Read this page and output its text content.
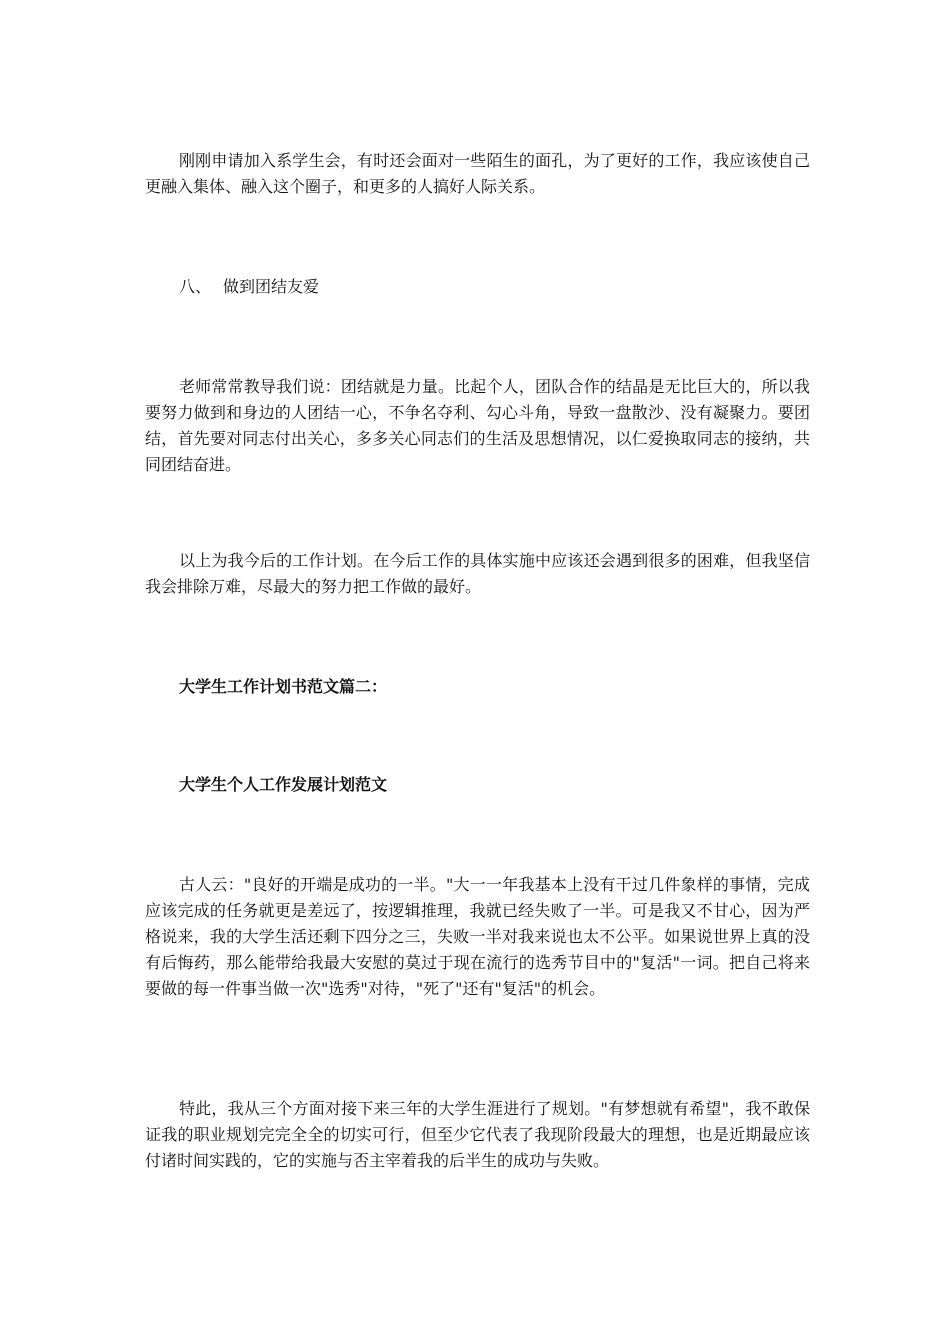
刚刚申请加入系学生会，有时还会面对一些陌生的面孔，为了更好的工作，我应该使自己更融入集体、融入这个圈子，和更多的人搞好人际关系。

八、 做到团结友爱

老师常常教导我们说：团结就是力量。比起个人，团队合作的结晶是无比巨大的，所以我要努力做到和身边的人团结一心，不争名夺利、勾心斗角，导致一盘散沙、没有凝聚力。要团结，首先要对同志付出关心，多多关心同志们的生活及思想情况，以仁爱换取同志的接纳，共同团结奋进。

以上为我今后的工作计划。在今后工作的具体实施中应该还会遇到很多的困难，但我坚信我会排除万难，尽最大的努力把工作做的最好。

大学生工作计划书范文篇二：

大学生个人工作发展计划范文

古人云："良好的开端是成功的一半。"大一一年我基本上没有干过几件象样的事情，完成应该完成的任务就更是差远了，按逻辑推理，我就已经失败了一半。可是我又不甘心，因为严格说来，我的大学生活还剩下四分之三，失败一半对我来说也太不公平。如果说世界上真的没有后悔药，那么能带给我最大安慰的莫过于现在流行的选秀节目中的"复活"一词。把自己将来要做的每一件事当做一次"选秀"对待，"死了"还有"复活"的机会。

特此，我从三个方面对接下来三年的大学生涯进行了规划。"有梦想就有希望"，我不敢保证我的职业规划完完全全的切实可行，但至少它代表了我现阶段最大的理想，也是近期最应该付诸时间实践的，它的实施与否主宰着我的后半生的成功与失败。
